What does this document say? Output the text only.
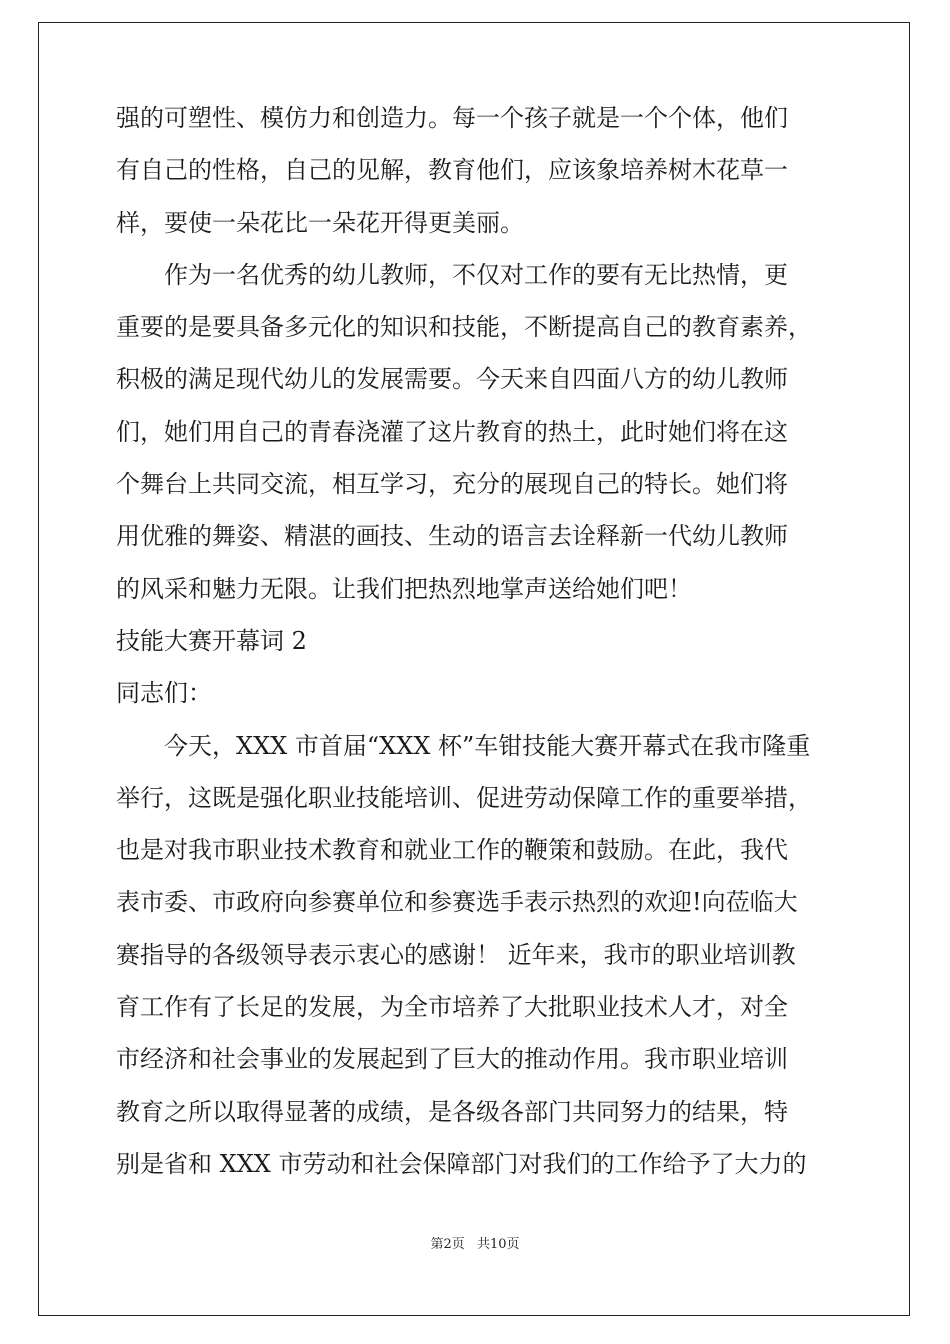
强的可塑性、模仿力和创造力。每一个孩子就是一个个体，他们
有自己的性格，自己的见解，教育他们，应该象培养树木花草一
样，要使一朵花比一朵花开得更美丽。
作为一名优秀的幼儿教师，不仅对工作的要有无比热情，更
重要的是要具备多元化的知识和技能，不断提高自己的教育素养，
积极的满足现代幼儿的发展需要。今天来自四面八方的幼儿教师
们，她们用自己的青春浇灌了这片教育的热土，此时她们将在这
个舞台上共同交流，相互学习，充分的展现自己的特长。她们将
用优雅的舞姿、精湛的画技、生动的语言去诠释新一代幼儿教师
的风采和魅力无限。让我们把热烈地掌声送给她们吧！
技能大赛开幕词 2
同志们：
今天，XXX 市首届“XXX 杯”车钳技能大赛开幕式在我市隆重
举行，这既是强化职业技能培训、促进劳动保障工作的重要举措，
也是对我市职业技术教育和就业工作的鞭策和鼓励。在此，我代
表市委、市政府向参赛单位和参赛选手表示热烈的欢迎!向莅临大
赛指导的各级领导表示衷心的感谢！ 近年来，我市的职业培训教
育工作有了长足的发展，为全市培养了大批职业技术人才，对全
市经济和社会事业的发展起到了巨大的推动作用。我市职业培训
教育之所以取得显著的成绩，是各级各部门共同努力的结果，特
别是省和 XXX 市劳动和社会保障部门对我们的工作给予了大力的
第2页 共10页
